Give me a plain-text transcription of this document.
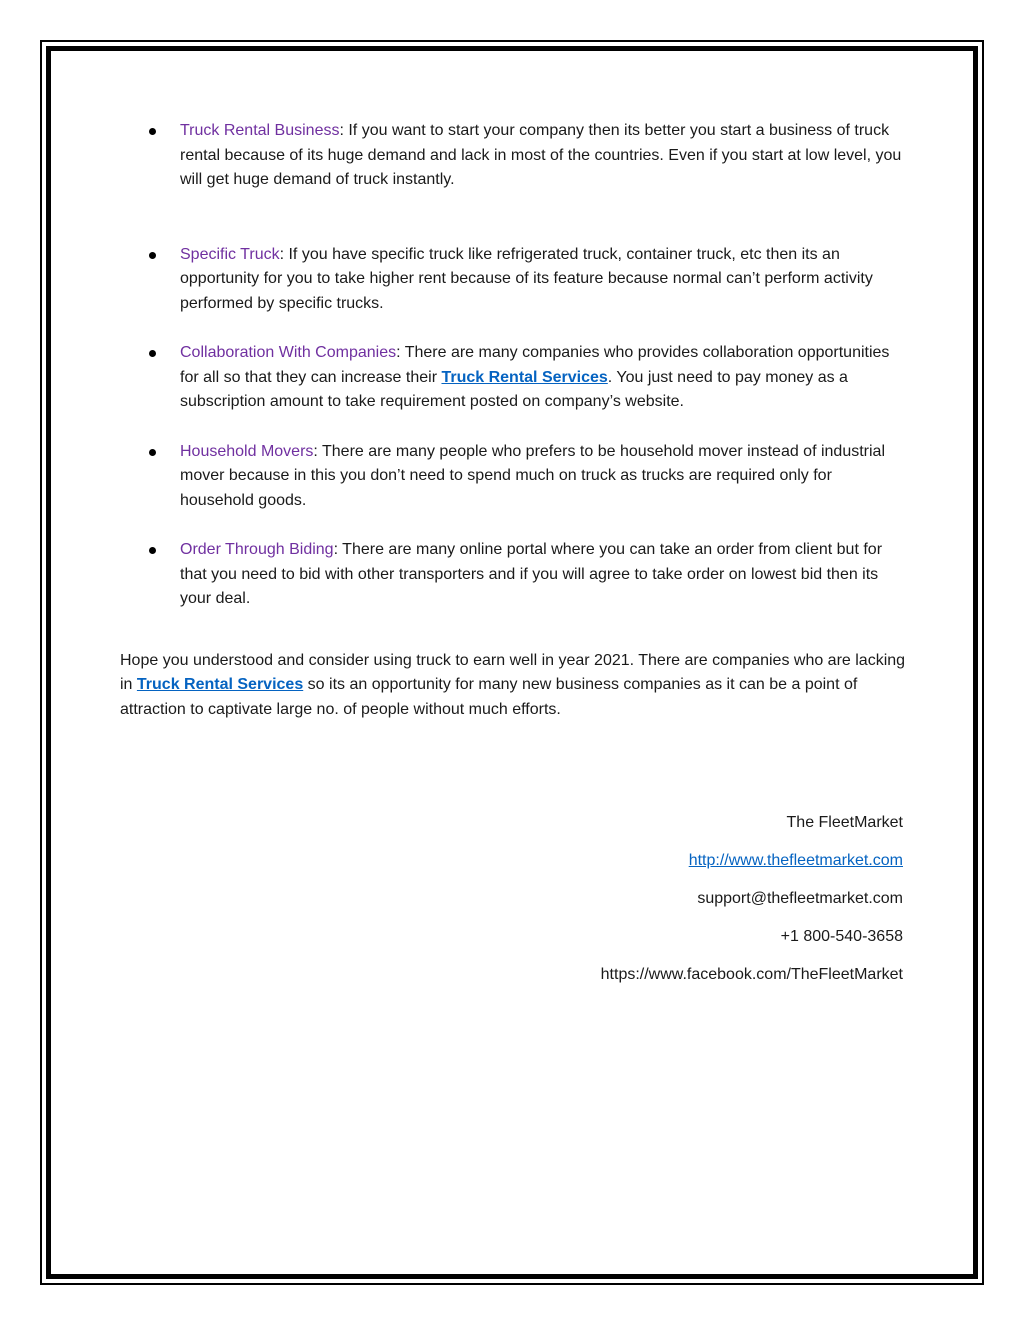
Truck Rental Business: If you want to start your company then its better you start a business of truck rental because of its huge demand and lack in most of the countries. Even if you start at low level, you will get huge demand of truck instantly.
Specific Truck: If you have specific truck like refrigerated truck, container truck, etc then its an opportunity for you to take higher rent because of its feature because normal can’t perform activity performed by specific trucks.
Collaboration With Companies: There are many companies who provides collaboration opportunities for all so that they can increase their Truck Rental Services. You just need to pay money as a subscription amount to take requirement posted on company’s website.
Household Movers: There are many people who prefers to be household mover instead of industrial mover because in this you don’t need to spend much on truck as trucks are required only for household goods.
Order Through Biding: There are many online portal where you can take an order from client but for that you need to bid with other transporters and if you will agree to take order on lowest bid then its your deal.

Hope you understood and consider using truck to earn well in year 2021. There are companies who are lacking in Truck Rental Services so its an opportunity for many new business companies as it can be a point of attraction to captivate large no. of people without much efforts.

The FleetMarket

http://www.thefleetmarket.com

support@thefleetmarket.com

+1 800-540-3658

https://www.facebook.com/TheFleetMarket
